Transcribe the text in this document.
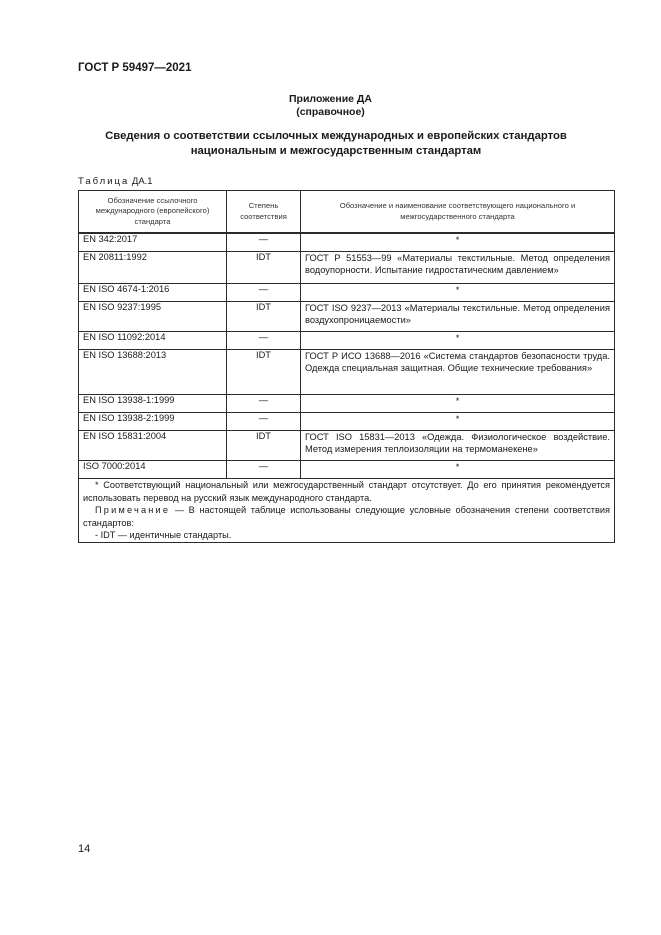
ГОСТ Р 59497—2021
Приложение ДА
(справочное)
Сведения о соответствии ссылочных международных и европейских стандартов
национальным и межгосударственным стандартам
Таблица ДА.1
Обозначение ссылочного международного (европейского) стандарта	Степень соответствия	Обозначение и наименование соответствующего национального и межгосударственного стандарта
EN 342:2017	—	*
EN 20811:1992	IDT	ГОСТ Р 51553—99 «Материалы текстильные. Метод определения водоупорности. Испытание гидростатическим давлением»
EN ISO 4674-1:2016	—	*
EN ISO 9237:1995	IDT	ГОСТ ISO 9237—2013 «Материалы текстильные. Метод определения воздухопроницаемости»
EN ISO 11092:2014	—	*
EN ISO 13688:2013	IDT	ГОСТ Р ИСО 13688—2016 «Система стандартов безопасности труда. Одежда специальная защитная. Общие технические требования»
EN ISO 13938-1:1999	—	*
EN ISO 13938-2:1999	—	*
EN ISO 15831:2004	IDT	ГОСТ ISO 15831—2013 «Одежда. Физиологическое воздействие. Метод измерения теплоизоляции на термоманекене»
ISO 7000:2014	—	*

* Соответствующий национальный или межгосударственный стандарт отсутствует. До его принятия рекомендуется использовать перевод на русский язык международного стандарта.
Примечание — В настоящей таблице использованы следующие условные обозначения степени соответствия стандартов:
- IDT — идентичные стандарты.		
14
